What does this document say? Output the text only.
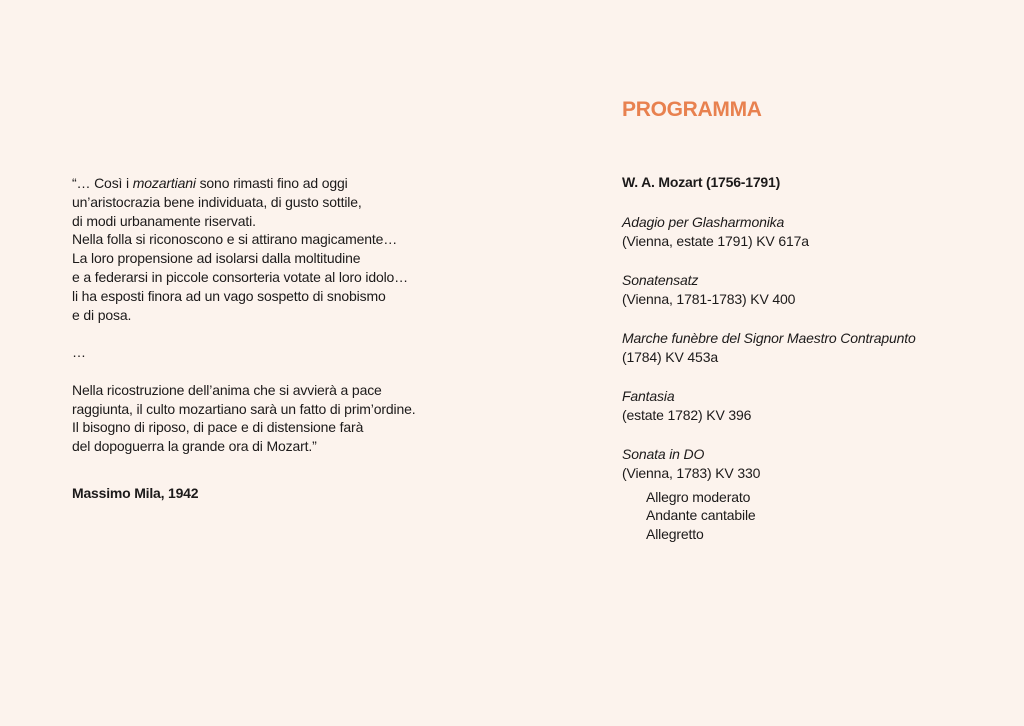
“… Così i mozartiani sono rimasti fino ad oggi
un’aristocrazia bene individuata, di gusto sottile,
di modi urbanamente riservati.
Nella folla si riconoscono e si attirano magicamente…
La loro propensione ad isolarsi dalla moltitudine
e a federarsi in piccole consorteria votate al loro idolo…
li ha esposti finora ad un vago sospetto di snobismo
e di posa.
…
Nella ricostruzione dell’anima che si avvierà a pace
raggiunta, il culto mozartiano sarà un fatto di prim’ordine.
Il bisogno di riposo, di pace e di distensione farà
del dopoguerra la grande ora di Mozart.”
Massimo Mila, 1942
PROGRAMMA
W. A. Mozart (1756-1791)
Adagio per Glasharmonika
(Vienna, estate 1791) KV 617a
Sonatensatz
(Vienna, 1781-1783) KV 400
Marche funèbre del Signor Maestro Contrapunto
(1784) KV 453a
Fantasia
(estate 1782) KV 396
Sonata in DO
(Vienna, 1783) KV 330
Allegro moderato
Andante cantabile
Allegretto
